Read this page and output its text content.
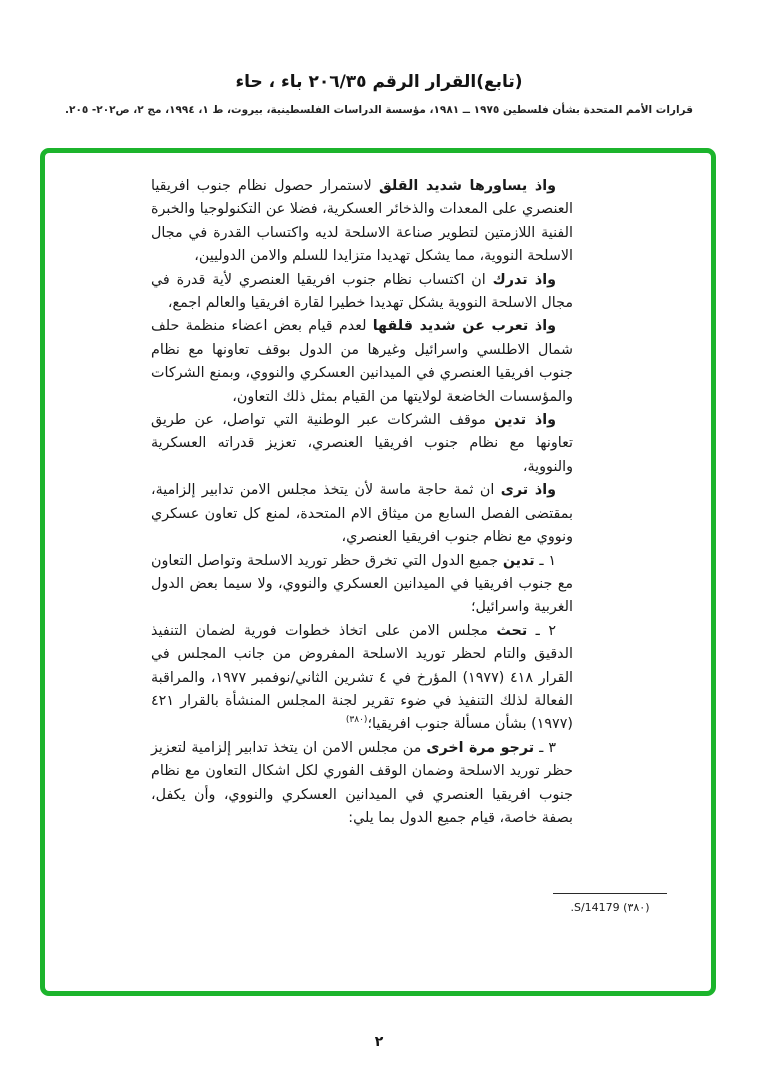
(تابع)القرار الرقم ٢٠٦/٣٥ باء ، حاء
قرارات الأمم المتحدة بشأن فلسطين ١٩٧٥ ــ ١٩٨١، مؤسسة الدراسات الفلسطينية، بيروت، ط ١، ١٩٩٤، مج ٢، ص٢٠٢- ٢٠٥.

واذ يساورها شديد القلق لاستمرار حصول نظام جنوب افريقيا العنصري على المعدات والذخائر العسكرية، فضلا عن التكنولوجيا والخبرة الفنية اللازمتين لتطوير صناعة الاسلحة لديه واكتساب القدرة في مجال الاسلحة النووية، مما يشكل تهديدا متزايدا للسلم والامن الدوليين،

واذ تدرك ان اكتساب نظام جنوب افريقيا العنصري لأية قدرة في مجال الاسلحة النووية يشكل تهديدا خطيرا لقارة افريقيا والعالم اجمع،

واذ تعرب عن شديد قلقها لعدم قيام بعض اعضاء منظمة حلف شمال الاطلسي واسرائيل وغيرها من الدول بوقف تعاونها مع نظام جنوب افريقيا العنصري في الميدانين العسكري والنووي، وبمنع الشركات والمؤسسات الخاضعة لولايتها من القيام بمثل ذلك التعاون،

واذ تدين موقف الشركات عبر الوطنية التي تواصل، عن طريق تعاونها مع نظام جنوب افريقيا العنصري، تعزيز قدراته العسكرية والنووية،

واذ ترى ان ثمة حاجة ماسة لأن يتخذ مجلس الامن تدابير إلزامية، بمقتضى الفصل السابع من ميثاق الام المتحدة، لمنع كل تعاون عسكري ونووي مع نظام جنوب افريقيا العنصري،

١ ـ تدين جميع الدول التي تخرق حظر توريد الاسلحة وتواصل التعاون مع جنوب افريقيا في الميدانين العسكري والنووي، ولا سيما بعض الدول الغربية واسرائيل؛

٢ ـ تحث مجلس الامن على اتخاذ خطوات فورية لضمان التنفيذ الدقيق والتام لحظر توريد الاسلحة المفروض من جانب المجلس في القرار ٤١٨ (١٩٧٧) المؤرخ في ٤ تشرين الثاني/نوفمبر ١٩٧٧، والمراقبة الفعالة لذلك التنفيذ في ضوء تقرير لجنة المجلس المنشأة بالقرار ٤٢١ (١٩٧٧) بشأن مسألة جنوب افريقيا؛$^{(٣٨٠)}$

٣ ـ ترجو مرة اخرى من مجلس الامن ان يتخذ تدابير إلزامية لتعزيز حظر توريد الاسلحة وضمان الوقف الفوري لكل اشكال التعاون مع نظام جنوب افريقيا العنصري في الميدانين العسكري والنووي، وأن يكفل، بصفة خاصة، قيام جميع الدول بما يلي:

(٣٨٠) S/14179.
٢
